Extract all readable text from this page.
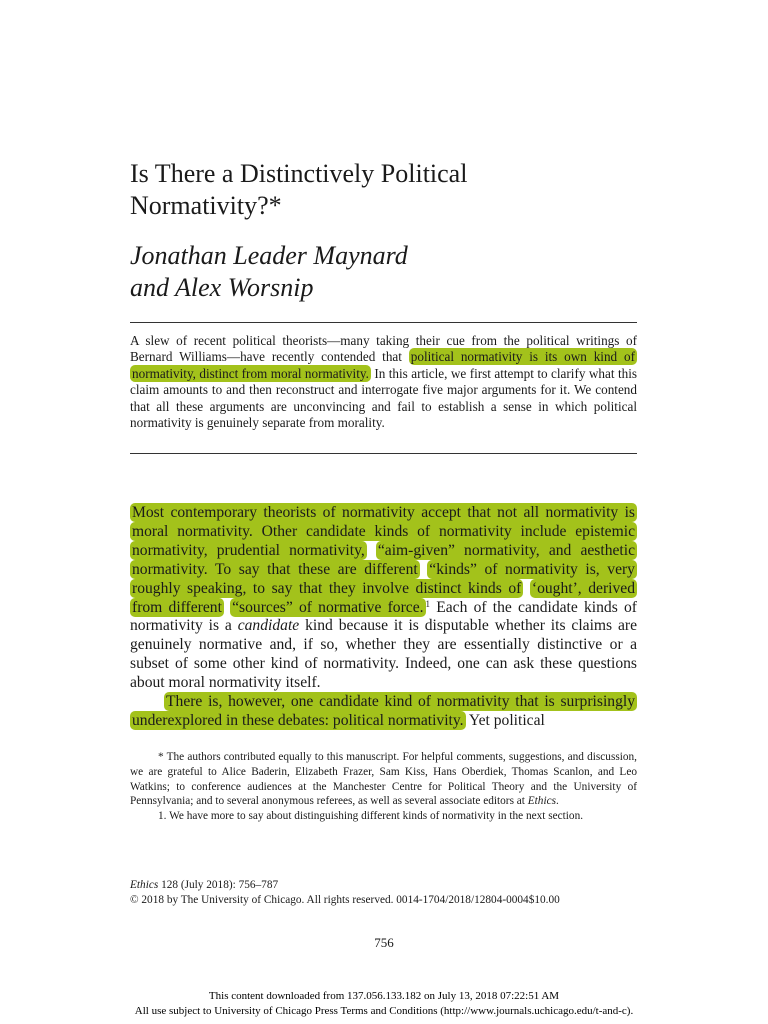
Is There a Distinctively Political
Normativity?*

Jonathan Leader Maynard
and Alex Worsnip

A slew of recent political theorists—many taking their cue from the political writings of Bernard Williams—have recently contended that political normativity is its own kind of normativity, distinct from moral normativity. In this article, we first attempt to clarify what this claim amounts to and then reconstruct and interrogate five major arguments for it. We contend that all these arguments are unconvincing and fail to establish a sense in which political normativity is genuinely separate from morality.

Most contemporary theorists of normativity accept that not all normativity is moral normativity. Other candidate kinds of normativity include epistemic normativity, prudential normativity, “aim-given” normativity, and aesthetic normativity. To say that these are different “kinds” of normativity is, very roughly speaking, to say that they involve distinct kinds of ‘ought’, derived from different “sources” of normative force. $^1$ Each of the candidate kinds of normativity is a candidate kind because it is disputable whether its claims are genuinely normative and, if so, whether they are essentially distinctive or a subset of some other kind of normativity. Indeed, one can ask these questions about moral normativity itself.
There is, however, one candidate kind of normativity that is surprisingly underexplored in these debates: political normativity. Yet political

* The authors contributed equally to this manuscript. For helpful comments, suggestions, and discussion, we are grateful to Alice Baderin, Elizabeth Frazer, Sam Kiss, Hans Oberdiek, Thomas Scanlon, and Leo Watkins; to conference audiences at the Manchester Centre for Political Theory and the University of Pennsylvania; and to several anonymous referees, as well as several associate editors at Ethics.

1. We have more to say about distinguishing different kinds of normativity in the next section.

Ethics 128 (July 2018): 756–787
© 2018 by The University of Chicago. All rights reserved. 0014-1704/2018/12804-0004$10.00
756
This content downloaded from 137.056.133.182 on July 13, 2018 07:22:51 AM
All use subject to University of Chicago Press Terms and Conditions (http://www.journals.uchicago.edu/t-and-c).
